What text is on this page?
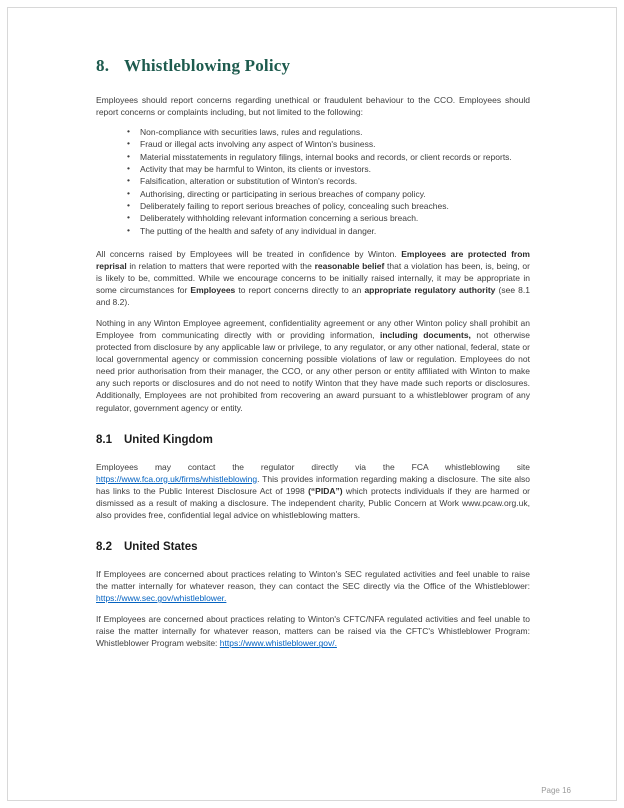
8. Whistleblowing Policy

Employees should report concerns regarding unethical or fraudulent behaviour to the CCO. Employees should report concerns or complaints including, but not limited to the following:

• Non-compliance with securities laws, rules and regulations.
• Fraud or illegal acts involving any aspect of Winton's business.
• Material misstatements in regulatory filings, internal books and records, or client records or reports.
• Activity that may be harmful to Winton, its clients or investors.
• Falsification, alteration or substitution of Winton's records.
• Authorising, directing or participating in serious breaches of company policy.
• Deliberately failing to report serious breaches of policy, concealing such breaches.
• Deliberately withholding relevant information concerning a serious breach.
• The putting of the health and safety of any individual in danger.

All concerns raised by Employees will be treated in confidence by Winton. Employees are protected from reprisal in relation to matters that were reported with the reasonable belief that a violation has been, is, being, or is likely to be, committed. While we encourage concerns to be initially raised internally, it may be appropriate in some circumstances for Employees to report concerns directly to an appropriate regulatory authority (see 8.1 and 8.2).

Nothing in any Winton Employee agreement, confidentiality agreement or any other Winton policy shall prohibit an Employee from communicating directly with or providing information, including documents, not otherwise protected from disclosure by any applicable law or privilege, to any regulator, or any other national, federal, state or local governmental agency or commission concerning possible violations of law or regulation. Employees do not need prior authorisation from their manager, the CCO, or any other person or entity affiliated with Winton to make any such reports or disclosures and do not need to notify Winton that they have made such reports or disclosures. Additionally, Employees are not prohibited from recovering an award pursuant to a whistleblower program of any regulator, government agency or entity.

8.1	United Kingdom

Employees may contact the regulator directly via the FCA whistleblowing site https://www.fca.org.uk/firms/whistleblowing. This provides information regarding making a disclosure. The site also has links to the Public Interest Disclosure Act of 1998 (“PIDA”) which protects individuals if they are harmed or dismissed as a result of making a disclosure. The independent charity, Public Concern at Work www.pcaw.org.uk, also provides free, confidential legal advice on whistleblowing matters.

8.2	United States

If Employees are concerned about practices relating to Winton's SEC regulated activities and feel unable to raise the matter internally for whatever reason, they can contact the SEC directly via the Office of the Whistleblower: https://www.sec.gov/whistleblower.

If Employees are concerned about practices relating to Winton's CFTC/NFA regulated activities and feel unable to raise the matter internally for whatever reason, matters can be raised via the CFTC's Whistleblower Program: Whistleblower Program website: https://www.whistleblower.gov/.

Page 16
